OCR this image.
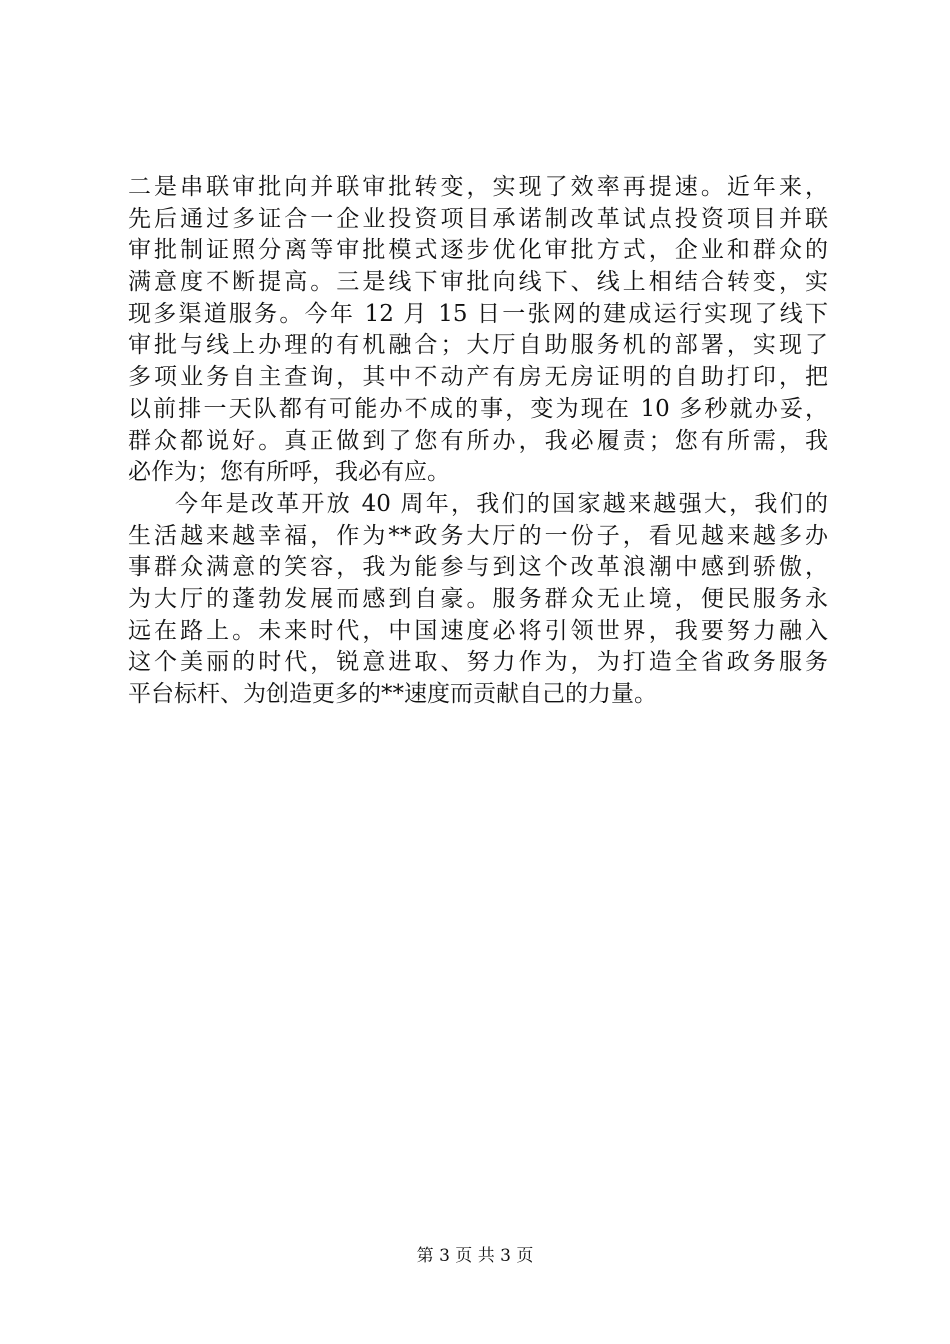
二是串联审批向并联审批转变，实现了效率再提速。近年来，
先后通过多证合一企业投资项目承诺制改革试点投资项目并联
审批制证照分离等审批模式逐步优化审批方式，企业和群众的
满意度不断提高。三是线下审批向线下、线上相结合转变，实
现多渠道服务。今年 12 月 15 日一张网的建成运行实现了线下
审批与线上办理的有机融合；大厅自助服务机的部署，实现了
多项业务自主查询，其中不动产有房无房证明的自助打印，把
以前排一天队都有可能办不成的事，变为现在 10 多秒就办妥，
群众都说好。真正做到了您有所办，我必履责；您有所需，我
必作为；您有所呼，我必有应。
今年是改革开放 40 周年，我们的国家越来越强大，我们的
生活越来越幸福，作为**政务大厅的一份子，看见越来越多办
事群众满意的笑容，我为能参与到这个改革浪潮中感到骄傲，
为大厅的蓬勃发展而感到自豪。服务群众无止境，便民服务永
远在路上。未来时代，中国速度必将引领世界，我要努力融入
这个美丽的时代，锐意进取、努力作为，为打造全省政务服务
平台标杆、为创造更多的**速度而贡献自己的力量。
第 3 页 共 3 页
